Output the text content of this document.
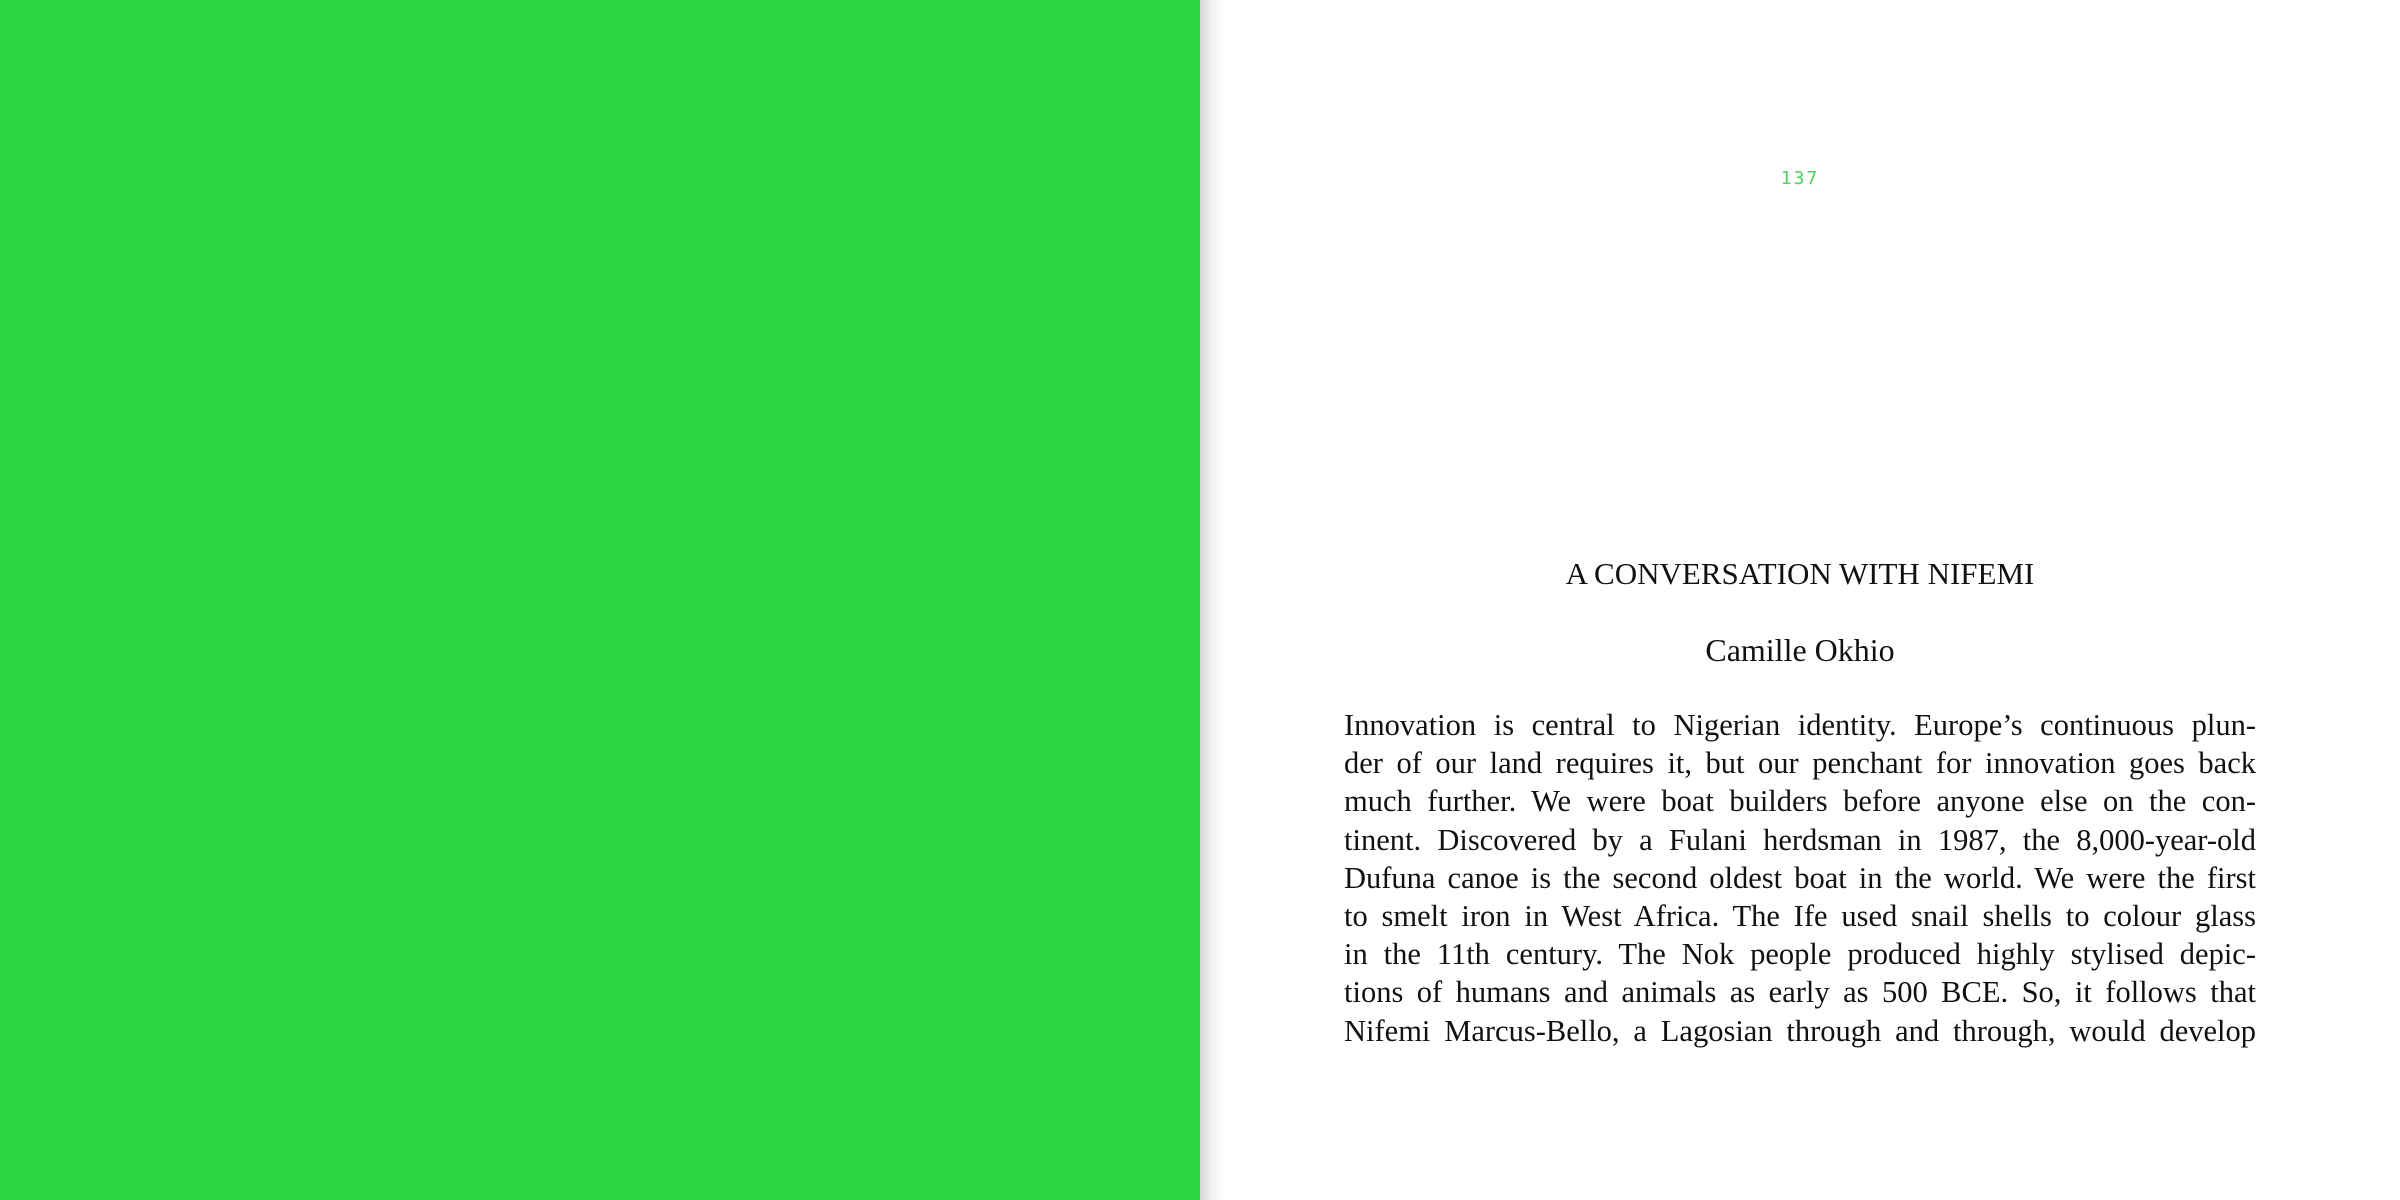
137
A CONVERSATION WITH NIFEMI

Camille Okhio

Innovation is central to Nigerian identity. Europe’s continuous plun-
der of our land requires it, but our penchant for innovation goes back
much further. We were boat builders before anyone else on the con-
tinent. Discovered by a Fulani herdsman in 1987, the 8,000-year-old
Dufuna canoe is the second oldest boat in the world. We were the first
to smelt iron in West Africa. The Ife used snail shells to colour glass
in the 11th century. The Nok people produced highly stylised depic-
tions of humans and animals as early as 500 BCE. So, it follows that
Nifemi Marcus-Bello, a Lagosian through and through, would develop
